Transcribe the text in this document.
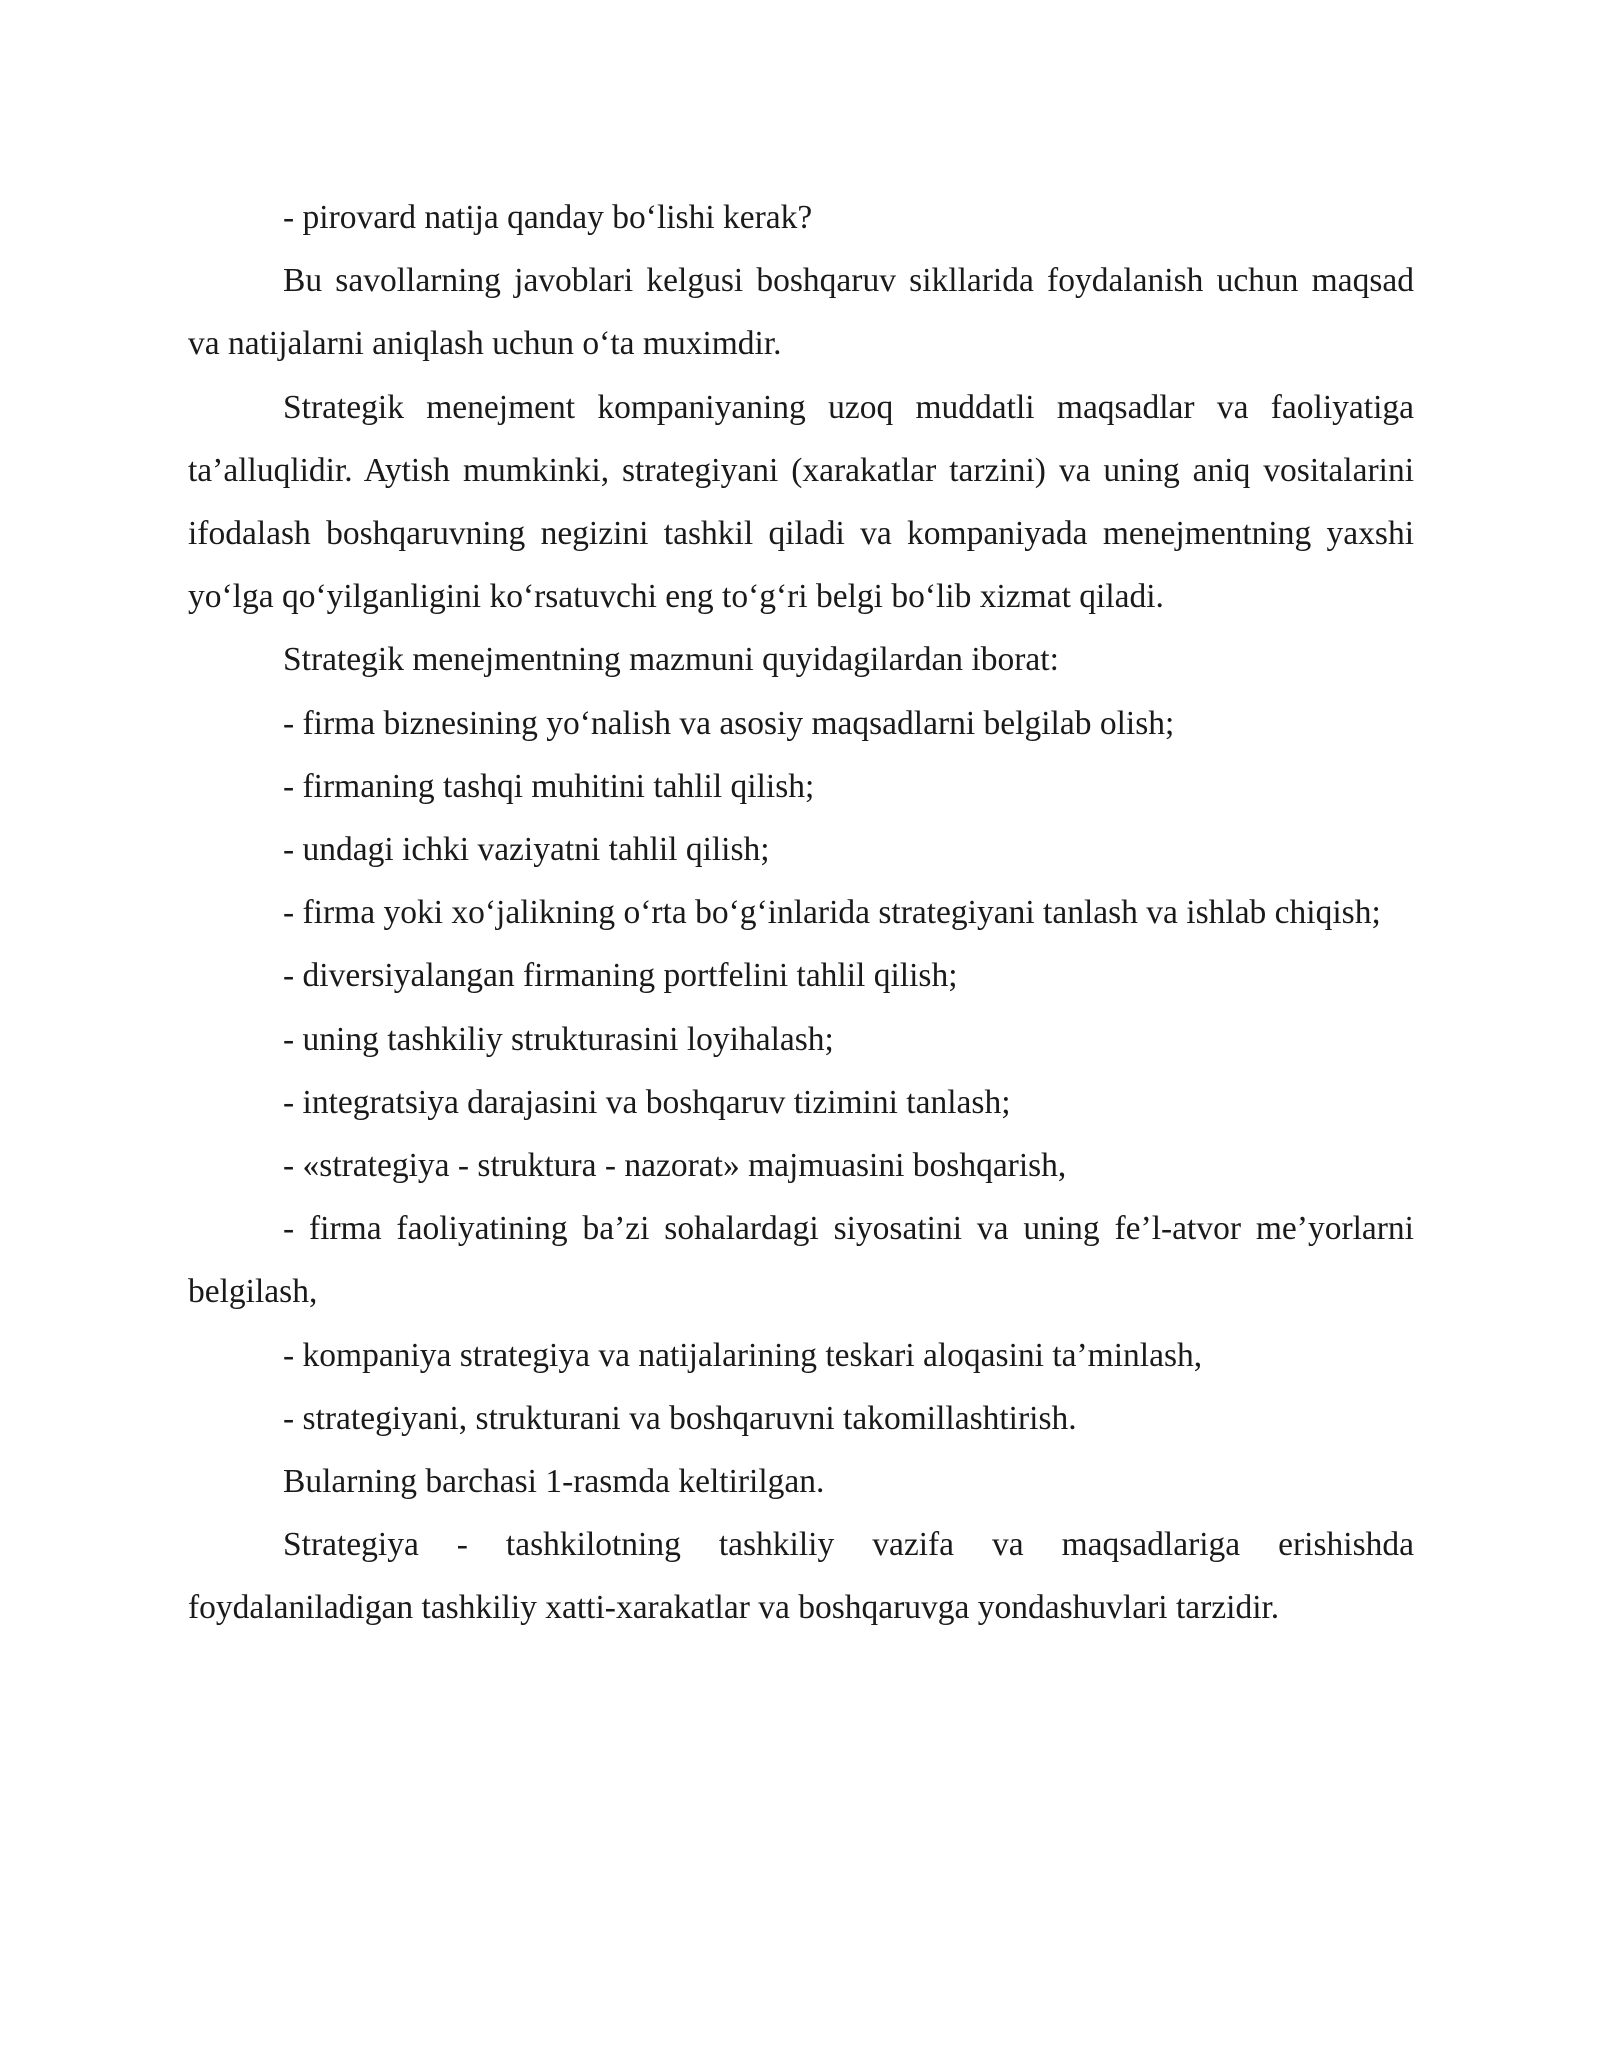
- pirovard natija qanday bo‘lishi kerak?

Bu savollarning javoblari kelgusi boshqaruv sikllarida foydalanish uchun maqsad va natijalarni aniqlash uchun o‘ta muximdir.

Strategik menejment kompaniyaning uzoq muddatli maqsadlar va faoliyatiga ta’alluqlidir. Aytish mumkinki, strategiyani (xarakatlar tarzini) va uning aniq vositalarini ifodalash boshqaruvning negizini tashkil qiladi va kompaniyada menejmentning yaxshi yo‘lga qo‘yilganligini ko‘rsatuvchi eng to‘g‘ri belgi bo‘lib xizmat qiladi.

Strategik menejmentning mazmuni quyidagilardan iborat:

- firma biznesining yo‘nalish va asosiy maqsadlarni belgilab olish;

- firmaning tashqi muhitini tahlil qilish;

- undagi ichki vaziyatni tahlil qilish;

- firma yoki xo‘jalikning o‘rta bo‘g‘inlarida strategiyani tanlash va ishlab chiqish;

- diversiyalangan firmaning portfelini tahlil qilish;

- uning tashkiliy strukturasini loyihalash;

- integratsiya darajasini va boshqaruv tizimini tanlash;

- «strategiya - struktura - nazorat» majmuasini boshqarish,

- firma faoliyatining ba’zi sohalardagi siyosatini va uning fe’l-atvor me’yorlarni belgilash,

- kompaniya strategiya va natijalarining teskari aloqasini ta’minlash,

- strategiyani, strukturani va boshqaruvni takomillashtirish.

Bularning barchasi 1-rasmda keltirilgan.

Strategiya - tashkilotning tashkiliy vazifa va maqsadlariga erishishda foydalaniladigan tashkiliy xatti-xarakatlar va boshqaruvga yondashuvlari tarzidir.
